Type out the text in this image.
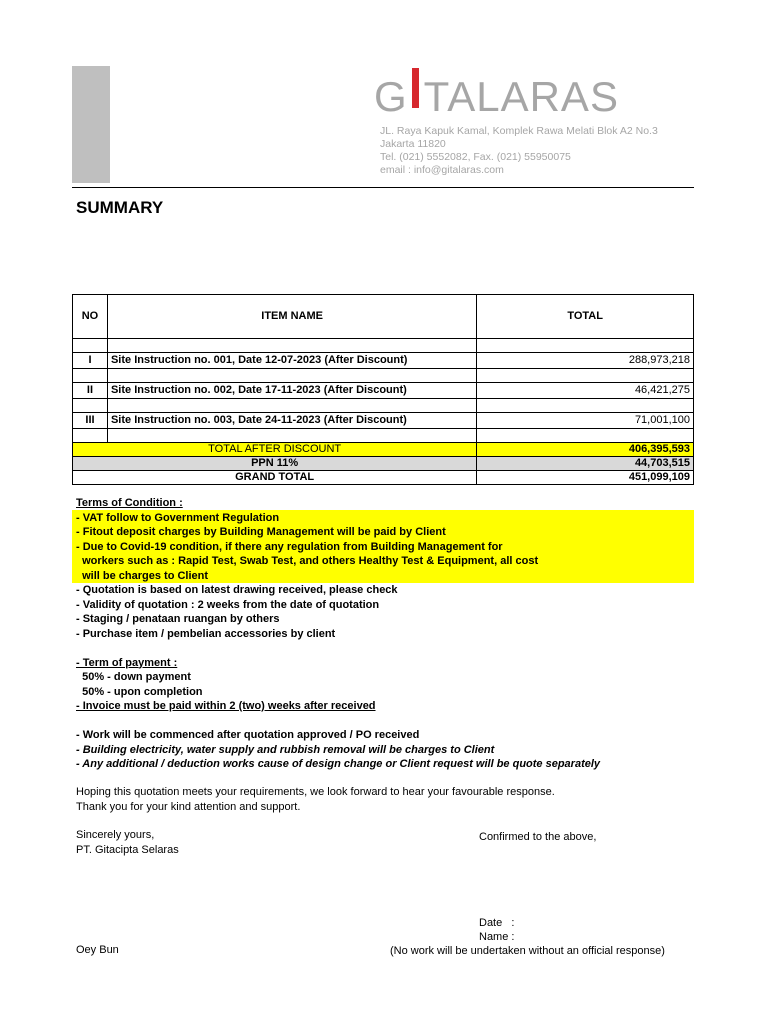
G TALARAS
JL. Raya Kapuk Kamal, Komplek Rawa Melati Blok A2 No.3
Jakarta 11820
Tel. (021) 5552082, Fax. (021) 55950075
email : info@gitalaras.com
SUMMARY
NO	ITEM NAME	TOTAL

I	Site Instruction no. 001, Date 12-07-2023 (After Discount)	288,973,218

II	Site Instruction no. 002, Date 17-11-2023 (After Discount)	46,421,275

III	Site Instruction no. 003, Date 24-11-2023 (After Discount)	71,001,100

TOTAL AFTER DISCOUNT		406,395,593
PPN 11%		44,703,515
GRAND TOTAL		451,099,109
Terms of Condition :
- VAT follow to Government Regulation
- Fitout deposit charges by Building Management will be paid by Client
- Due to Covid-19 condition, if there any regulation from Building Management for
workers such as : Rapid Test, Swab Test, and others Healthy Test & Equipment, all cost
will be charges to Client
- Quotation is based on latest drawing received, please check
- Validity of quotation : 2 weeks from the date of quotation
- Staging / penataan ruangan by others
- Purchase item / pembelian accessories by client
- Term of payment :
50% - down payment
50% - upon completion
- Invoice must be paid within 2 (two) weeks after received
- Work will be commenced after quotation approved / PO received
- Building electricity, water supply and rubbish removal will be charges to Client
- Any additional / deduction works cause of design change or Client request will be quote separately
Hoping this quotation meets your requirements, we look forward to hear your favourable response.
Thank you for your kind attention and support.
Sincerely yours,
PT. Gitacipta Selaras
Confirmed to the above,
Date   :
Name :
Oey Bun	(No work will be undertaken without an official response)
